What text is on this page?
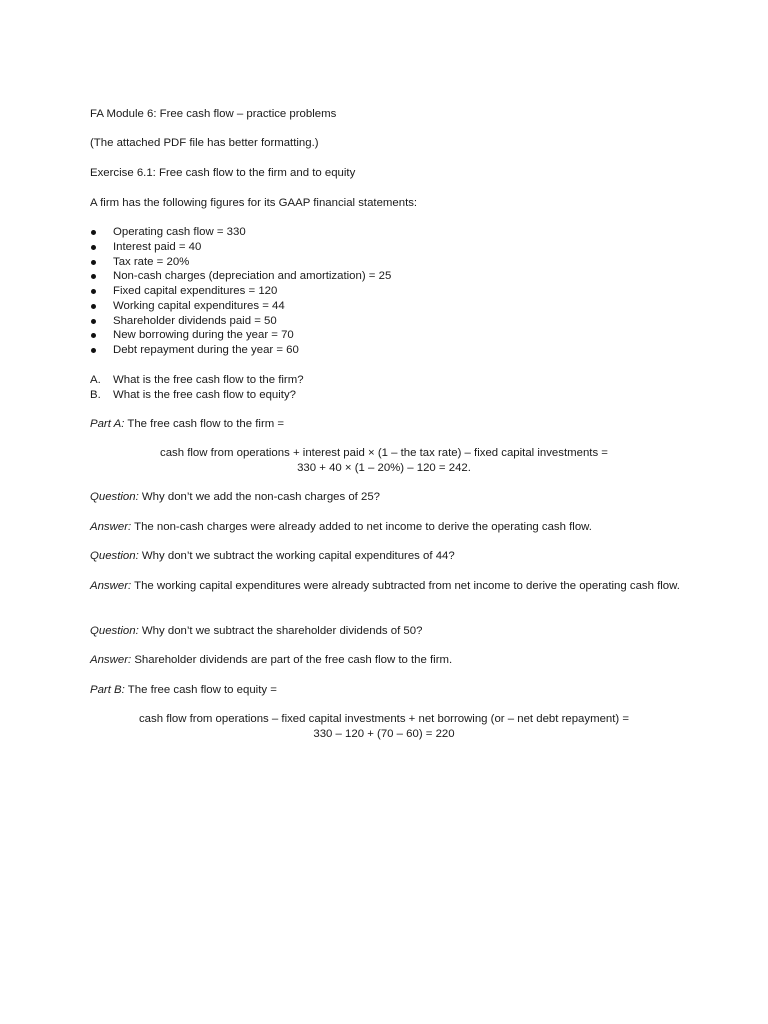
FA Module 6: Free cash flow – practice problems
(The attached PDF file has better formatting.)
Exercise 6.1: Free cash flow to the firm and to equity
A firm has the following figures for its GAAP financial statements:
Operating cash flow = 330
Interest paid = 40
Tax rate = 20%
Non-cash charges (depreciation and amortization) = 25
Fixed capital expenditures = 120
Working capital expenditures = 44
Shareholder dividends paid = 50
New borrowing during the year = 70
Debt repayment during the year = 60
A. What is the free cash flow to the firm?
B. What is the free cash flow to equity?
Part A: The free cash flow to the firm =
cash flow from operations + interest paid × (1 – the tax rate) – fixed capital investments =
330 + 40 × (1 – 20%) – 120 = 242.
Question: Why don’t we add the non-cash charges of 25?
Answer: The non-cash charges were already added to net income to derive the operating cash flow.
Question: Why don’t we subtract the working capital expenditures of 44?
Answer: The working capital expenditures were already subtracted from net income to derive the operating cash flow.
Question: Why don’t we subtract the shareholder dividends of 50?
Answer: Shareholder dividends are part of the free cash flow to the firm.
Part B: The free cash flow to equity =
cash flow from operations – fixed capital investments + net borrowing (or – net debt repayment) =
330 – 120 + (70 – 60) = 220
